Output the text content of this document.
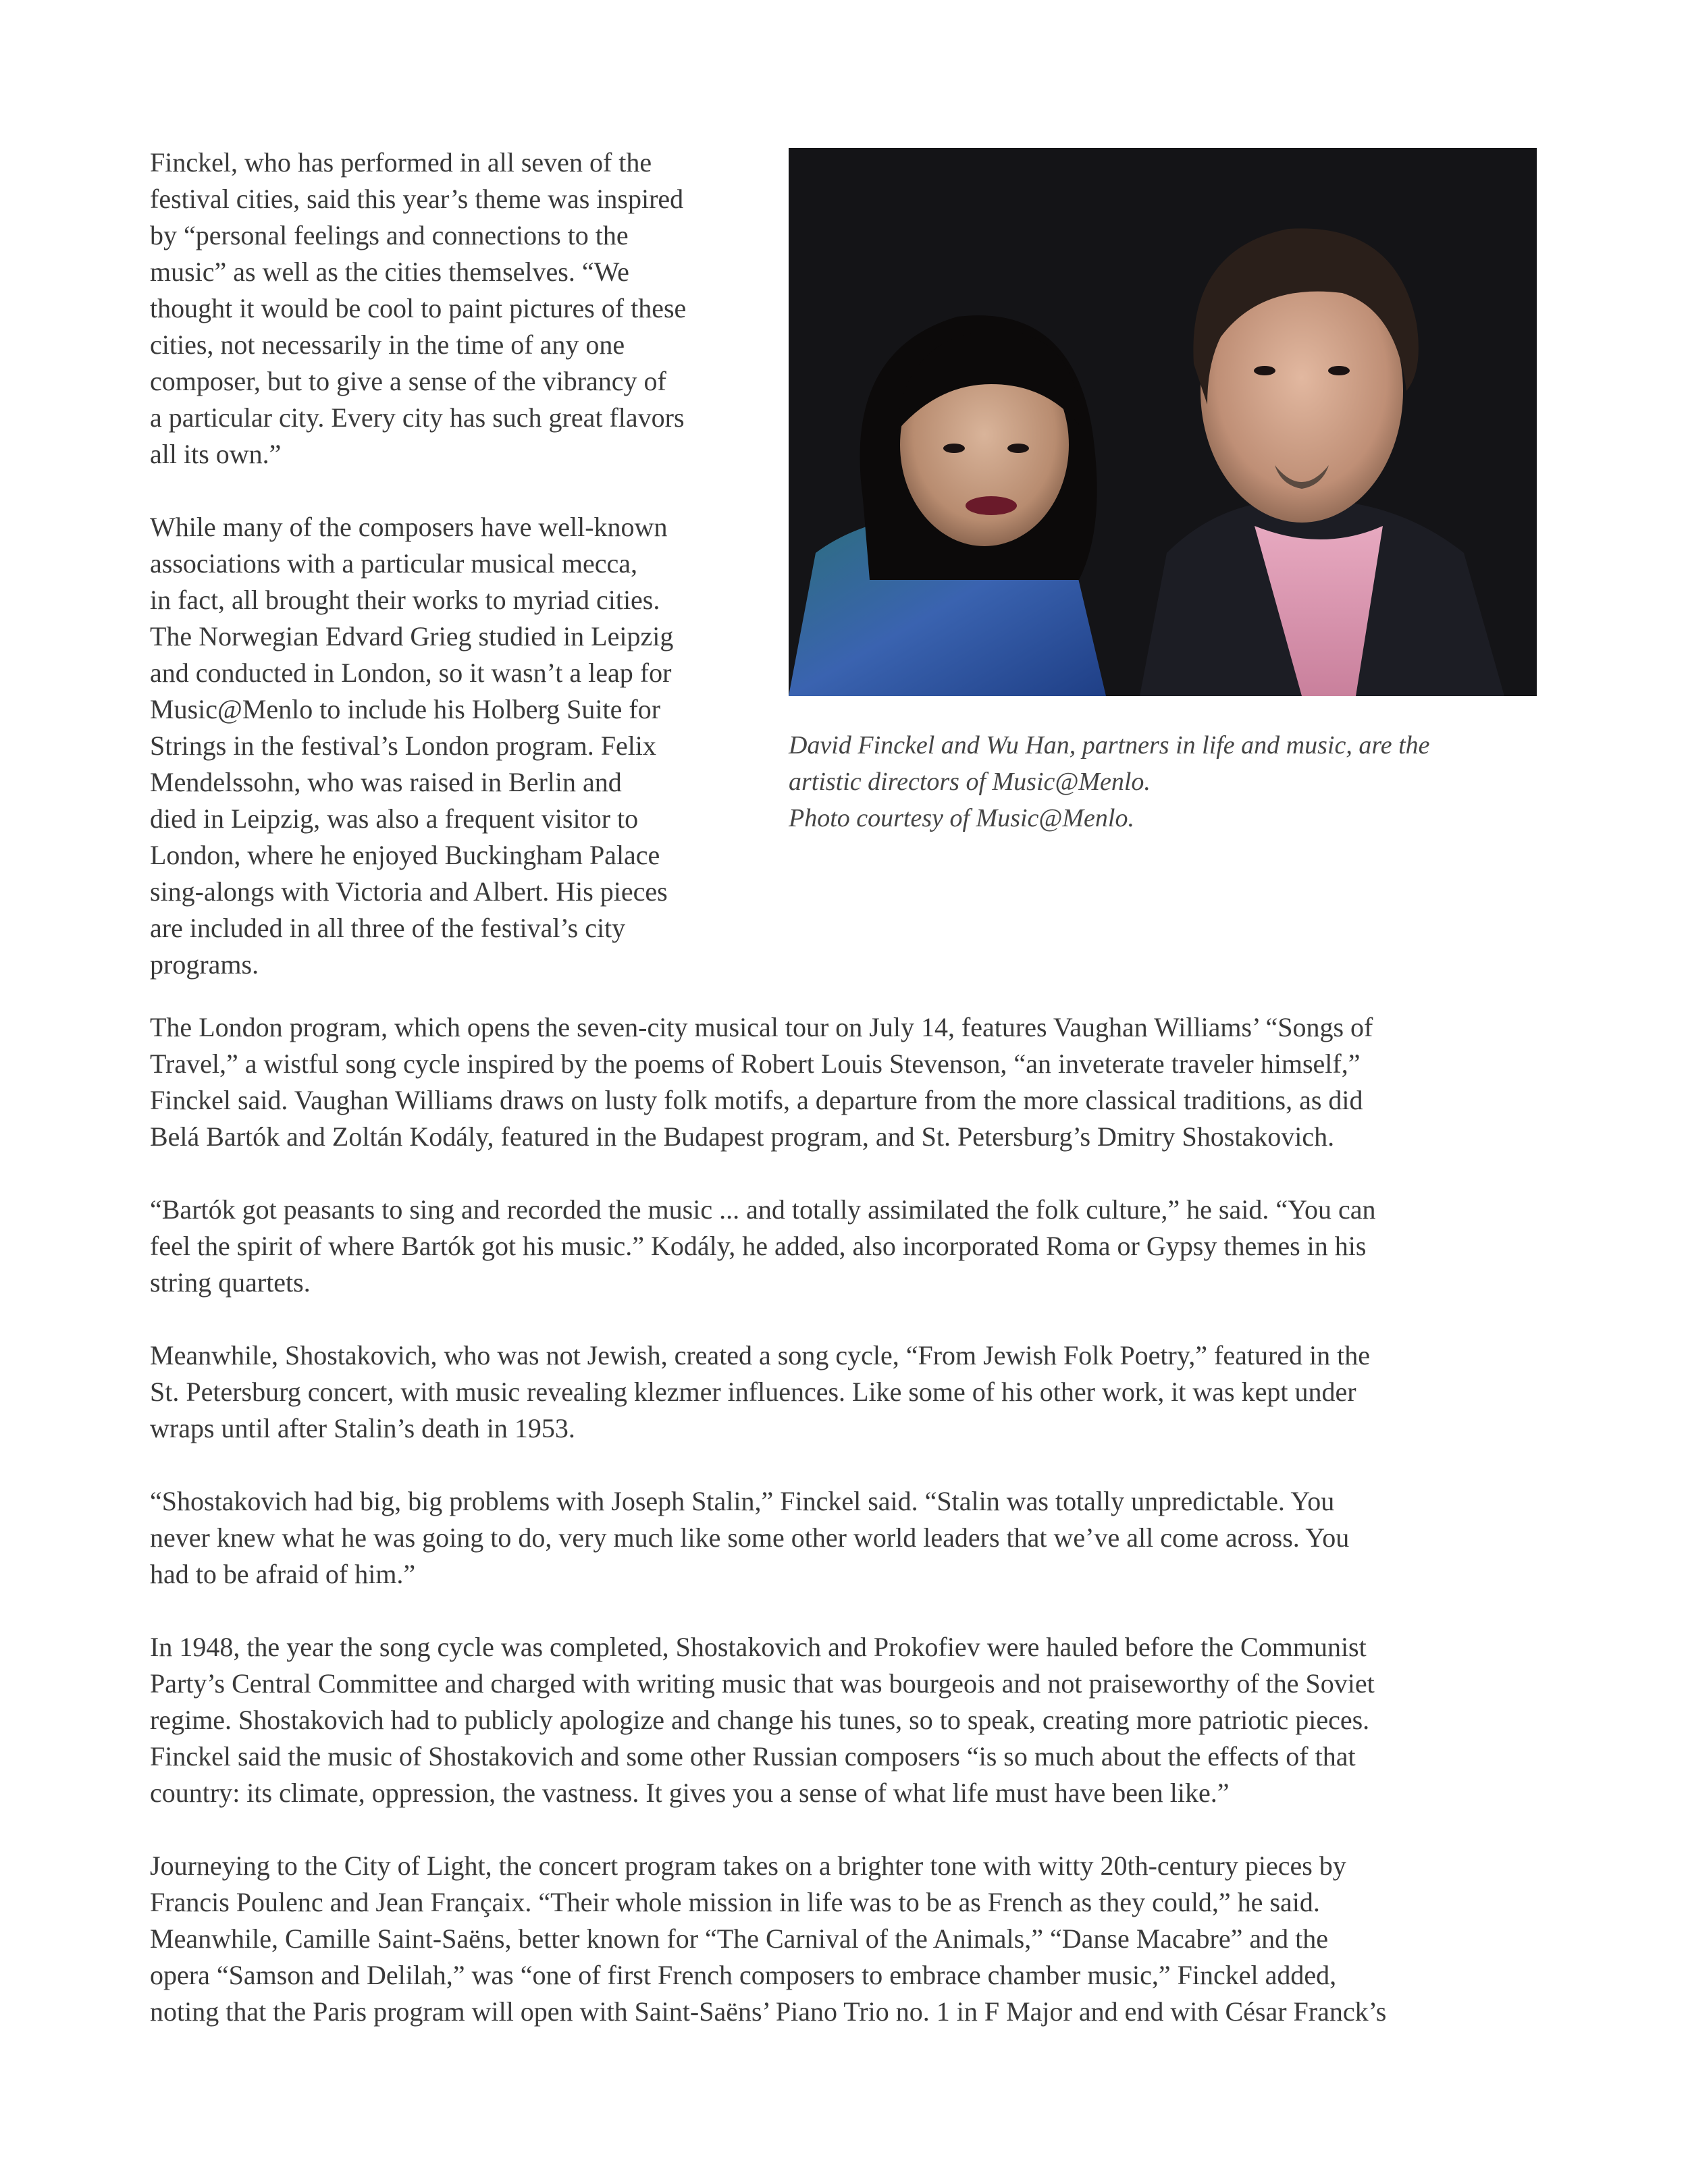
Finckel, who has performed in all seven of the
festival cities, said this year’s theme was inspired
by “personal feelings and connections to the
music” as well as the cities themselves. “We
thought it would be cool to paint pictures of these
cities, not necessarily in the time of any one
composer, but to give a sense of the vibrancy of
a particular city. Every city has such great flavors
all its own.”

While many of the composers have well-known
associations with a particular musical mecca,
in fact, all brought their works to myriad cities.
The Norwegian Edvard Grieg studied in Leipzig
and conducted in London, so it wasn’t a leap for
Music@Menlo to include his Holberg Suite for
Strings in the festival’s London program. Felix
Mendelssohn, who was raised in Berlin and
died in Leipzig, was also a frequent visitor to
London, where he enjoyed Buckingham Palace
sing-alongs with Victoria and Albert. His pieces
are included in all three of the festival’s city
programs.

David Finckel and Wu Han, partners in life and music, are the
artistic directors of Music@Menlo.
Photo courtesy of Music@Menlo.

The London program, which opens the seven-city musical tour on July 14, features Vaughan Williams’ “Songs of
Travel,” a wistful song cycle inspired by the poems of Robert Louis Stevenson, “an inveterate traveler himself,”
Finckel said. Vaughan Williams draws on lusty folk motifs, a departure from the more classical traditions, as did
Belá Bartók and Zoltán Kodály, featured in the Budapest program, and St. Petersburg’s Dmitry Shostakovich.

“Bartók got peasants to sing and recorded the music ... and totally assimilated the folk culture,” he said. “You can
feel the spirit of where Bartók got his music.” Kodály, he added, also incorporated Roma or Gypsy themes in his
string quartets.

Meanwhile, Shostakovich, who was not Jewish, created a song cycle, “From Jewish Folk Poetry,” featured in the
St. Petersburg concert, with music revealing klezmer influences. Like some of his other work, it was kept under
wraps until after Stalin’s death in 1953.

“Shostakovich had big, big problems with Joseph Stalin,” Finckel said. “Stalin was totally unpredictable. You
never knew what he was going to do, very much like some other world leaders that we’ve all come across. You
had to be afraid of him.”

In 1948, the year the song cycle was completed, Shostakovich and Prokofiev were hauled before the Communist
Party’s Central Committee and charged with writing music that was bourgeois and not praiseworthy of the Soviet
regime. Shostakovich had to publicly apologize and change his tunes, so to speak, creating more patriotic pieces.
Finckel said the music of Shostakovich and some other Russian composers “is so much about the effects of that
country: its climate, oppression, the vastness. It gives you a sense of what life must have been like.”

Journeying to the City of Light, the concert program takes on a brighter tone with witty 20th-century pieces by
Francis Poulenc and Jean Françaix. “Their whole mission in life was to be as French as they could,” he said.
Meanwhile, Camille Saint-Saëns, better known for “The Carnival of the Animals,” “Danse Macabre” and the
opera “Samson and Delilah,” was “one of first French composers to embrace chamber music,” Finckel added,
noting that the Paris program will open with Saint-Saëns’ Piano Trio no. 1 in F Major and end with César Franck’s
